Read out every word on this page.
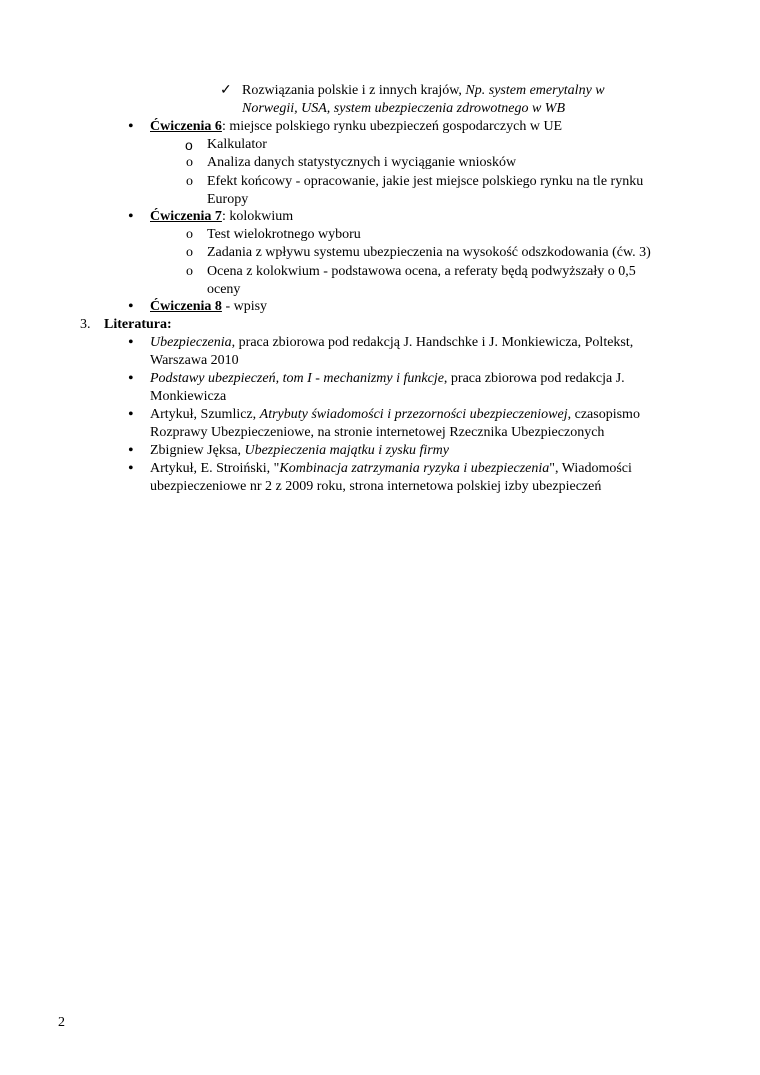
✓ Rozwiązania polskie i z innych krajów, Np. system emerytalny w
Norwegii, USA, system ubezpieczenia zdrowotnego w WB
• Ćwiczenia 6: miejsce polskiego rynku ubezpieczeń gospodarczych w UE
o Kalkulator
o Analiza danych statystycznych i wyciąganie wniosków
o Efekt końcowy - opracowanie, jakie jest miejsce polskiego rynku na tle rynku
Europy
• Ćwiczenia 7: kolokwium
o Test wielokrotnego wyboru
o Zadania z wpływu systemu ubezpieczenia na wysokość odszkodowania (ćw. 3)
o Ocena z kolokwium - podstawowa ocena, a referaty będą podwyższały o 0,5
oceny
• Ćwiczenia 8 - wpisy
3. Literatura:
• Ubezpieczenia, praca zbiorowa pod redakcją J. Handschke i J. Monkiewicza, Poltekst,
Warszawa 2010
• Podstawy ubezpieczeń, tom I - mechanizmy i funkcje, praca zbiorowa pod redakcja J.
Monkiewicza
• Artykuł, Szumlicz, Atrybuty świadomości i przezorności ubezpieczeniowej, czasopismo
Rozprawy Ubezpieczeniowe, na stronie internetowej Rzecznika Ubezpieczonych
• Zbigniew Jęksa, Ubezpieczenia majątku i zysku firmy
• Artykuł, E. Stroiński, "Kombinacja zatrzymania ryzyka i ubezpieczenia", Wiadomości
ubezpieczeniowe nr 2 z 2009 roku, strona internetowa polskiej izby ubezpieczeń
2
